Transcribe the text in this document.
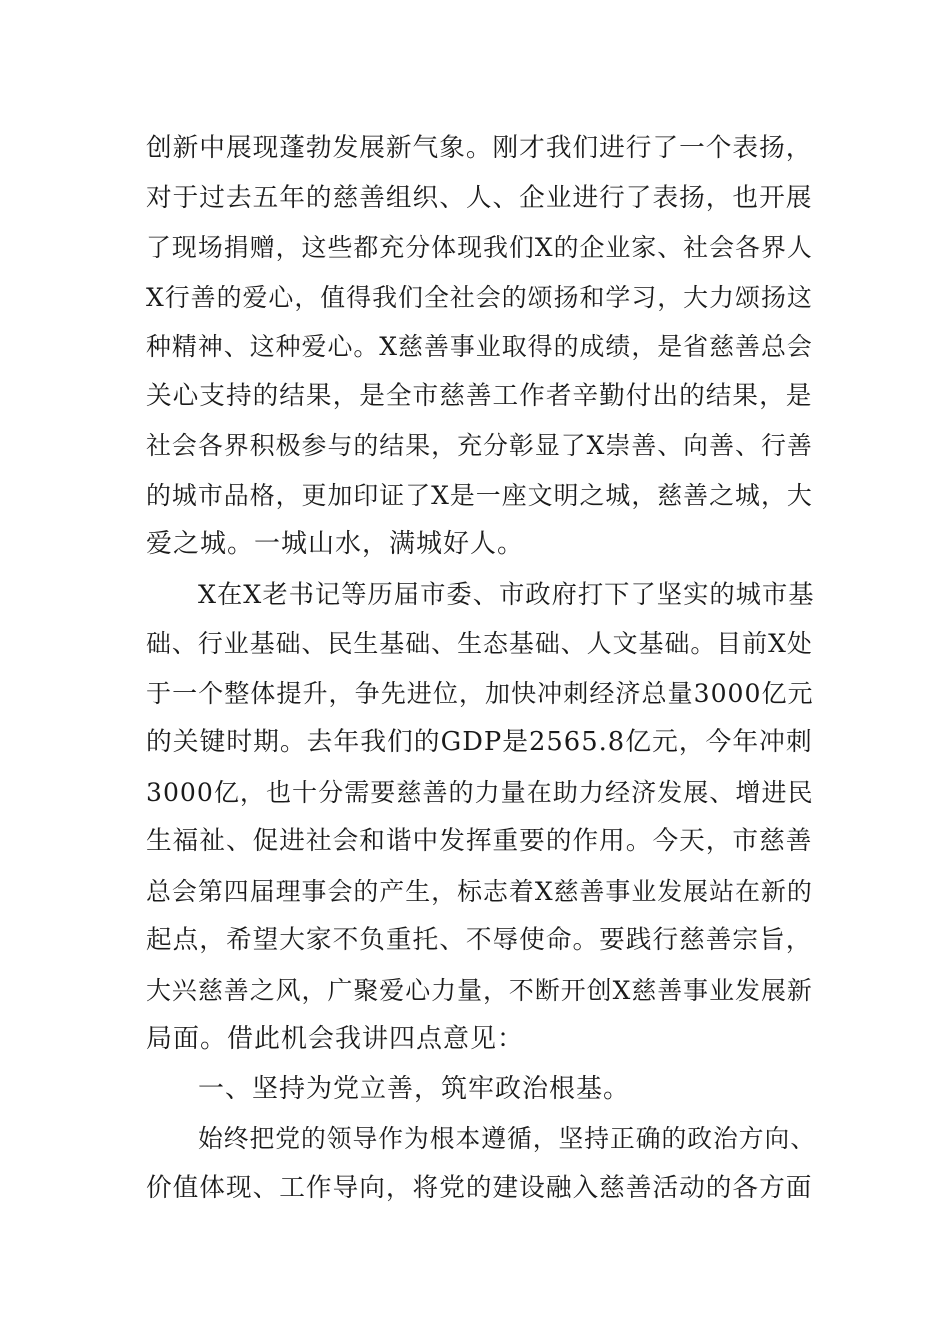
创新中展现蓬勃发展新气象。刚才我们进行了一个表扬，
对于过去五年的慈善组织、人、企业进行了表扬，也开展
了现场捐赠，这些都充分体现我们X的企业家、社会各界人
X行善的爱心，值得我们全社会的颂扬和学习，大力颂扬这
种精神、这种爱心。X慈善事业取得的成绩，是省慈善总会
关心支持的结果，是全市慈善工作者辛勤付出的结果，是
社会各界积极参与的结果，充分彰显了X崇善、向善、行善
的城市品格，更加印证了X是一座文明之城，慈善之城，大
爱之城。一城山水，满城好人。
X在X老书记等历届市委、市政府打下了坚实的城市基
础、行业基础、民生基础、生态基础、人文基础。目前X处
于一个整体提升，争先进位，加快冲刺经济总量3000亿元
的关键时期。去年我们的GDP是2565.8亿元，今年冲刺
3000亿，也十分需要慈善的力量在助力经济发展、增进民
生福祉、促进社会和谐中发挥重要的作用。今天，市慈善
总会第四届理事会的产生，标志着X慈善事业发展站在新的
起点，希望大家不负重托、不辱使命。要践行慈善宗旨，
大兴慈善之风，广聚爱心力量，不断开创X慈善事业发展新
局面。借此机会我讲四点意见：
一、坚持为党立善，筑牢政治根基。
始终把党的领导作为根本遵循，坚持正确的政治方向、
价值体现、工作导向，将党的建设融入慈善活动的各方面
